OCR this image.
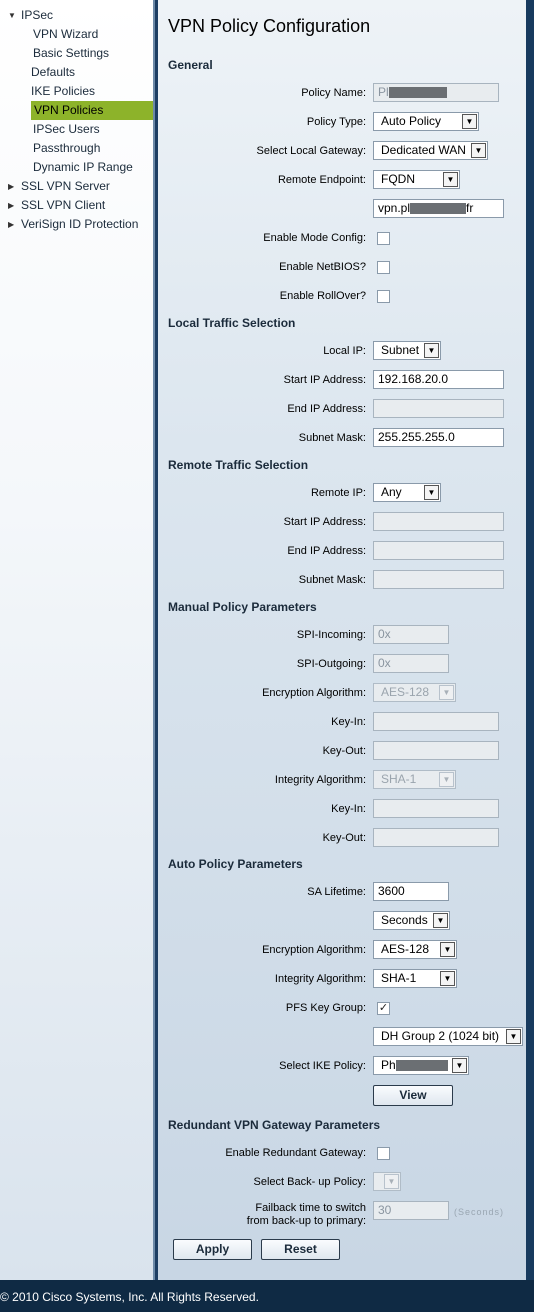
▼ IPSec
VPN Wizard
Basic Settings
Defaults
IKE Policies
VPN Policies
IPSec Users
Passthrough
Dynamic IP Range
▶ SSL VPN Server
▶ SSL VPN Client
▶ VeriSign ID Protection
VPN Policy Configuration
General
Policy Name:	Pl
Policy Type:	Auto Policy	▼
Select Local Gateway:	Dedicated WAN	▼
Remote Endpoint:	FQDN	▼
vpn.pl	fr
Enable Mode Config:
Enable NetBIOS?
Enable RollOver?
Local Traffic Selection
Local IP:	Subnet	▼
Start IP Address:	192.168.20.0
End IP Address:
Subnet Mask:	255.255.255.0
Remote Traffic Selection
Remote IP:	Any	▼
Start IP Address:
End IP Address:
Subnet Mask:
Manual Policy Parameters
SPI-Incoming:	0x
SPI-Outgoing:	0x
Encryption Algorithm:	AES-128	▼
Key-In:
Key-Out:
Integrity Algorithm:	SHA-1	▼
Key-In:
Key-Out:
Auto Policy Parameters
SA Lifetime:	3600
Seconds	▼
Encryption Algorithm:	AES-128	▼
Integrity Algorithm:	SHA-1	▼
PFS Key Group: ✓
DH Group 2 (1024 bit)	▼
Select IKE Policy:	Ph	▼
View
Redundant VPN Gateway Parameters
Enable Redundant Gateway:
Select Back- up Policy:	▼
Failback time to switch
from back-up to primary:
30	(Seconds)
Apply	Reset
© 2010 Cisco Systems, Inc. All Rights Reserved.
